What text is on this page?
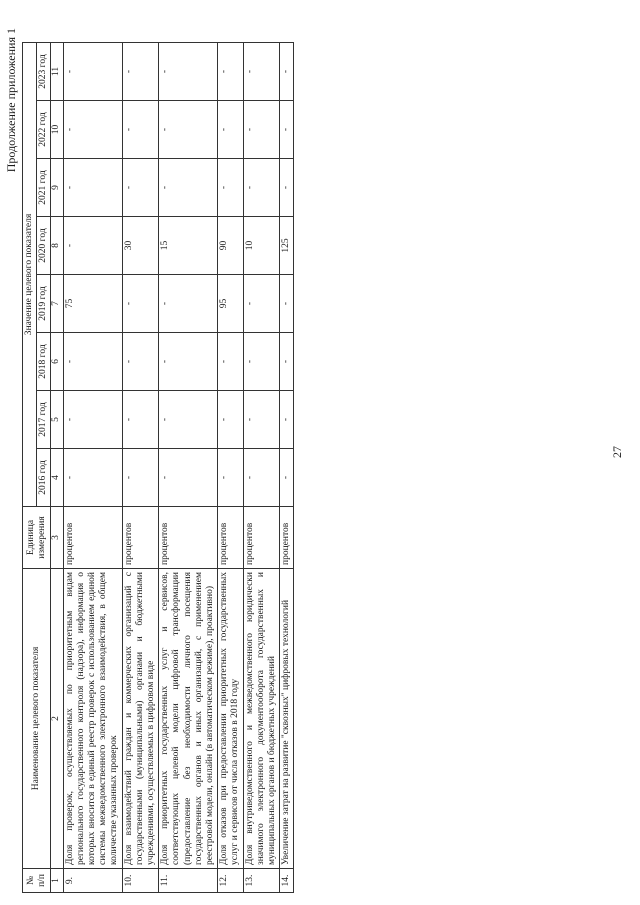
Продолжение приложения 1
№ п/п	Наименование целевого показателя	Единица измерения	Значение целевого показателя							
			2016 год	2017 год	2018 год	2019 год	2020 год	2021 год	2022 год	2023 год
1	2	3	4	5	6	7	8	9	10	11
9.	Доля проверок, осуществляемых по приоритетным видам регионального государственного контроля (надзора), информация о которых вносится в единый реестр проверок с использованием единой системы межведомственного электронного взаимодействия, в общем количестве указанных проверок	процентов	-	-	-	75	-	-	-	-
10.	Доля взаимодействий граждан и коммерческих организаций с государственными (муниципальными) органами и бюджетными учреждениями, осуществляемых в цифровом виде	процентов	-	-	-	-	30	-	-	-
11.	Доля приоритетных государственных услуг и сервисов, соответствующих целевой модели цифровой трансформации (предоставление без необходимости личного посещения государственных органов и иных организаций, с применением реестровой модели, онлайн (в автоматическом режиме), проактивно)	процентов	-	-	-	-	15	-	-	-
12.	Доля отказов при предоставлении приоритетных государственных услуг и сервисов от числа отказов в 2018 году	процентов	-	-	-	95	90	-	-	-
13.	Доля внутриведомственного и межведомственного юридически значимого электронного документооборота государственных и муниципальных органов и бюджетных учреждений	процентов	-	-	-	-	10	-	-	-
14.	Увеличение затрат на развитие "сквозных" цифровых технологий	процентов	-	-	-	-	125	-	-	-
27
